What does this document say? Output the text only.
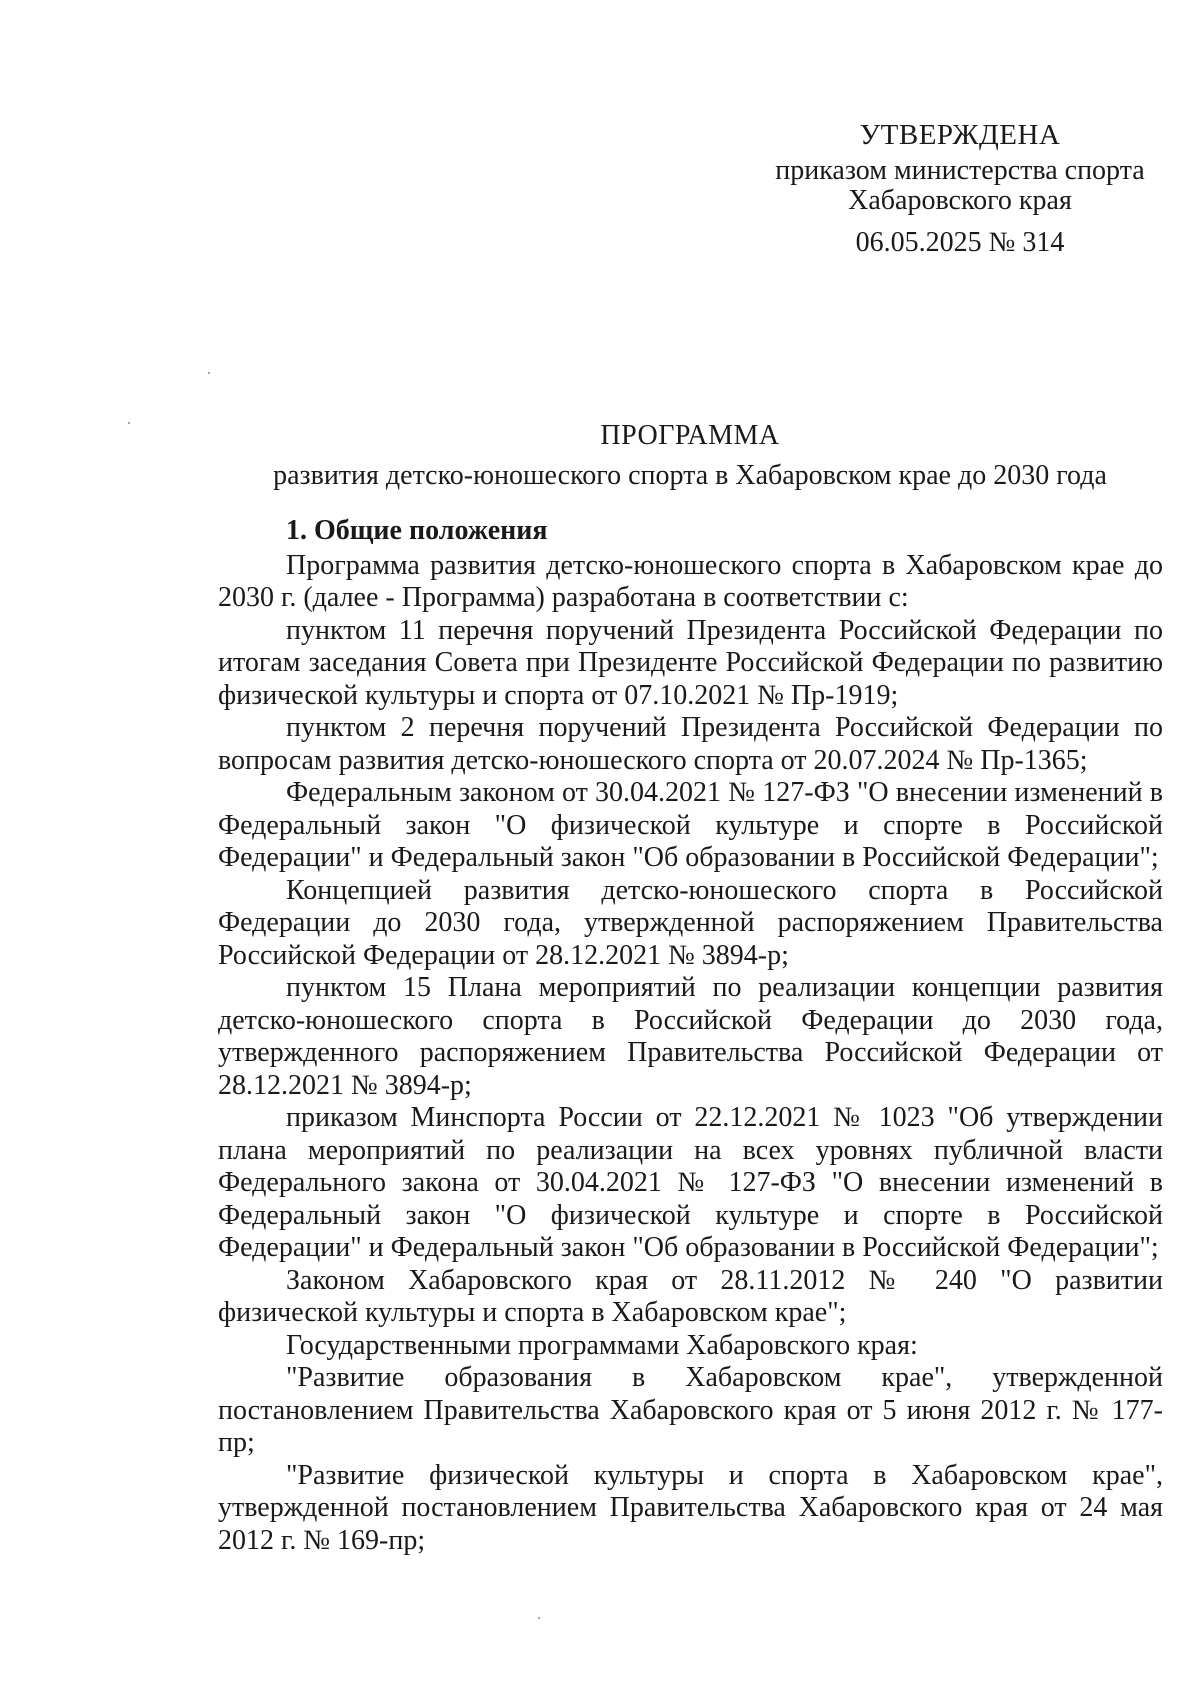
УТВЕРЖДЕНА
приказом министерства спорта
Хабаровского края
06.05.2025 № 314
ПРОГРАММА
развития детско-юношеского спорта в Хабаровском крае до 2030 года
1. Общие положения

Программа развития детско-юношеского спорта в Хабаровском крае до 2030 г. (далее - Программа) разработана в соответствии с:

пунктом 11 перечня поручений Президента Российской Федерации по итогам заседания Совета при Президенте Российской Федерации по развитию физической культуры и спорта от 07.10.2021 № Пр-1919;

пунктом 2 перечня поручений Президента Российской Федерации по вопросам развития детско-юношеского спорта от 20.07.2024 № Пр-1365;

Федеральным законом от 30.04.2021 № 127-ФЗ "О внесении изменений в Федеральный закон "О физической культуре и спорте в Российской Федерации" и Федеральный закон "Об образовании в Российской Федерации";

Концепцией развития детско-юношеского спорта в Российской Федерации до 2030 года, утвержденной распоряжением Правительства Российской Федерации от 28.12.2021 № 3894-р;

пунктом 15 Плана мероприятий по реализации концепции развития детско-юношеского спорта в Российской Федерации до 2030 года, утвержденного распоряжением Правительства Российской Федерации от 28.12.2021 № 3894-р;

приказом Минспорта России от 22.12.2021 № 1023 "Об утверждении плана мероприятий по реализации на всех уровнях публичной власти Федерального закона от 30.04.2021 № 127-ФЗ "О внесении изменений в Федеральный закон "О физической культуре и спорте в Российской Федерации" и Федеральный закон "Об образовании в Российской Федерации";

Законом Хабаровского края от 28.11.2012 № 240 "О развитии физической культуры и спорта в Хабаровском крае";

Государственными программами Хабаровского края:

"Развитие образования в Хабаровском крае", утвержденной постановлением Правительства Хабаровского края от 5 июня 2012 г. № 177-пр;

"Развитие физической культуры и спорта в Хабаровском крае", утвержденной постановлением Правительства Хабаровского края от 24 мая 2012 г. № 169-пр;
